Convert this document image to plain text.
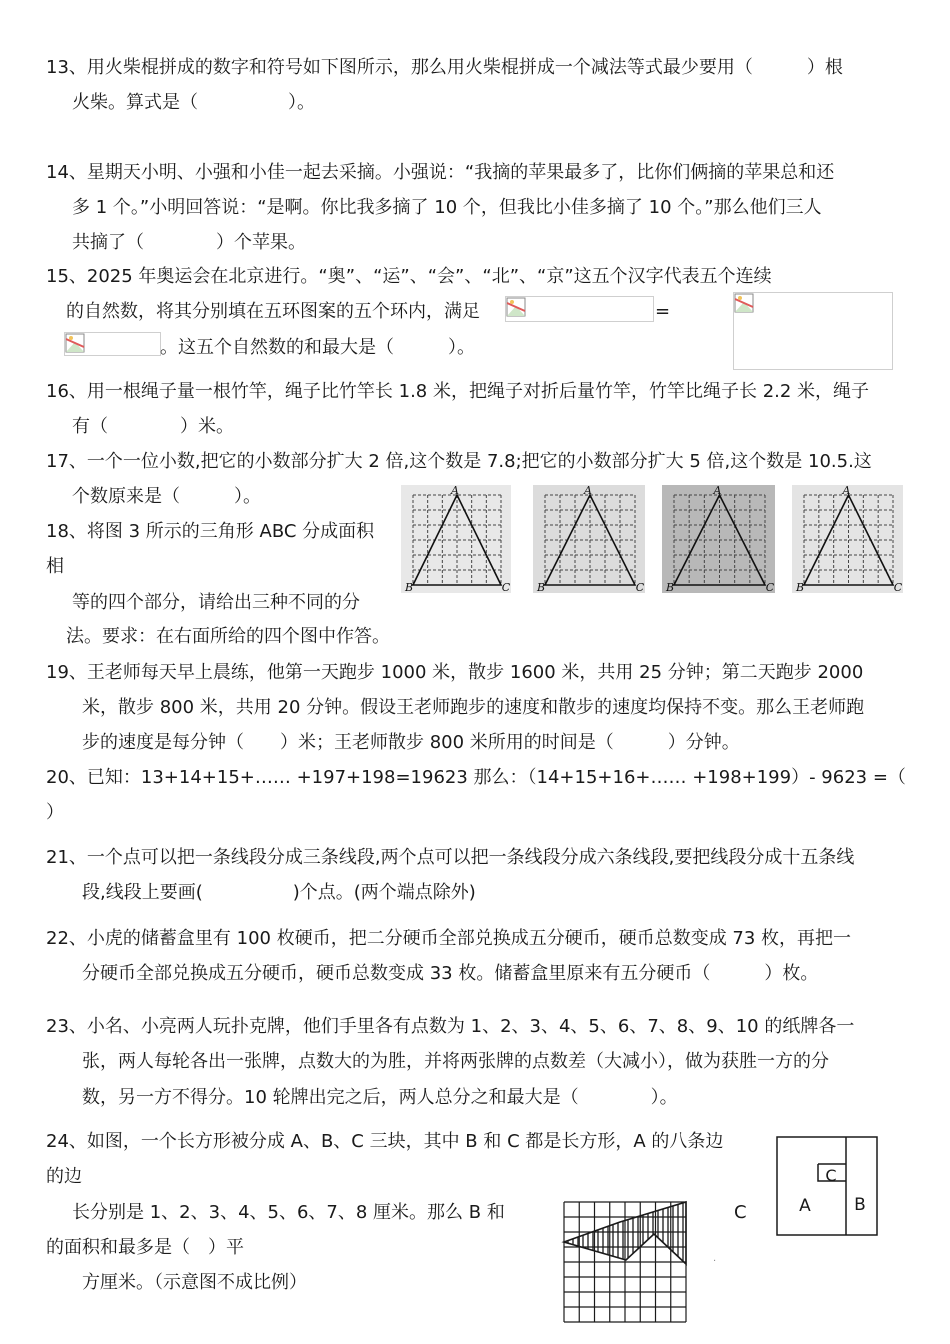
13、用火柴棍拼成的数字和符号如下图所示，那么用火柴棍拼成一个减法等式最少要用（　　　）根
火柴。算式是（　　　　　）。
14、星期天小明、小强和小佳一起去采摘。小强说：“我摘的苹果最多了，比你们俩摘的苹果总和还
多 1 个。”小明回答说：“是啊。你比我多摘了 10 个，但我比小佳多摘了 10 个。”那么他们三人
共摘了（　　　　）个苹果。
15、2025 年奥运会在北京进行。“奥”、“运”、“会”、“北”、“京”这五个汉字代表五个连续
的自然数，将其分别填在五环图案的五个环内，满足	=
。这五个自然数的和最大是（　　　）。
16、用一根绳子量一根竹竿，绳子比竹竿长 1.8 米，把绳子对折后量竹竿，竹竿比绳子长 2.2 米，绳子
有（　　　　）米。
17、一个一位小数,把它的小数部分扩大 2 倍,这个数是 7.8;把它的小数部分扩大 5 倍,这个数是 10.5.这
个数原来是（　　　）。
18、将图 3 所示的三角形 ABC 分成面积
相
等的四个部分，请给出三种不同的分
法。要求：在右面所给的四个图中作答。
A
B	C
A
B	C
A
B	C
A
B	C
19、王老师每天早上晨练，他第一天跑步 1000 米，散步 1600 米，共用 25 分钟；第二天跑步 2000
米，散步 800 米，共用 20 分钟。假设王老师跑步的速度和散步的速度均保持不变。那么王老师跑
步的速度是每分钟（　　）米；王老师散步 800 米所用的时间是（　　　）分钟。
20、已知：13+14+15+…… +197+198=19623 那么：（14+15+16+…… +198+199）- 9623 =（
）
21、一个点可以把一条线段分成三条线段,两个点可以把一条线段分成六条线段,要把线段分成十五条线
段,线段上要画(　　　　　)个点。(两个端点除外)
22、小虎的储蓄盒里有 100 枚硬币，把二分硬币全部兑换成五分硬币，硬币总数变成 73 枚，再把一
分硬币全部兑换成五分硬币，硬币总数变成 33 枚。储蓄盒里原来有五分硬币（　　　）枚。
23、小名、小亮两人玩扑克牌，他们手里各有点数为 1、2、3、4、5、6、7、8、9、10 的纸牌各一
张，两人每轮各出一张牌，点数大的为胜，并将两张牌的点数差（大减小），做为获胜一方的分
数，另一方不得分。10 轮牌出完之后，两人总分之和最大是（　　　　）。
24、如图，一个长方形被分成 A、B、C 三块，其中 B 和 C 都是长方形，A 的八条边
的边
长分别是 1、2、3、4、5、6、7、8 厘米。那么 B 和
的面积和最多是（　）平
方厘米。（示意图不成比例）
C
C
A	B
·
